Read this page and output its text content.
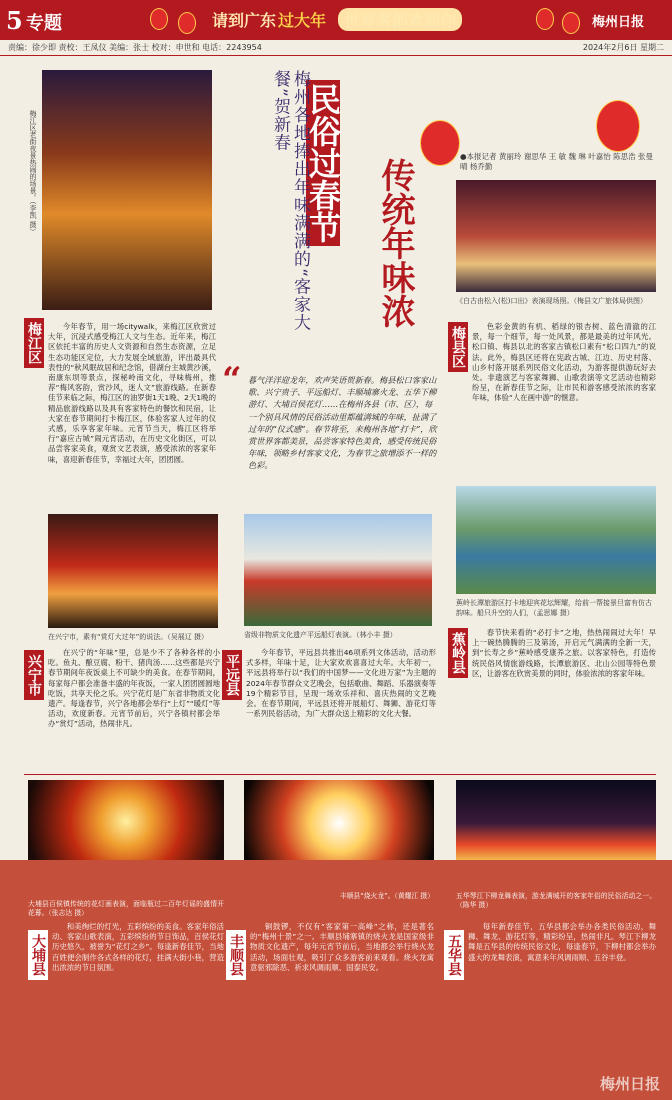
5 专题	请到广东 过大年 世界客都欢迎你	梅州日报
责编：徐少即 责校：王凤仪 美编：张士 校对：申世和 电话：2243954	2024年2月6日 星期二
梅江区老街夜景热闹的场景。（李凯 摄）	民俗过春节
梅州各地捧出年味满满的“客家大餐”贺新春
传统年味浓
●本报记者 黄丽玲 谢思华 王 敏 魏 琳 叶嘉怡 陈思浩 张曼晴 杨乔勤
《白古由松入(松)口出》表演现场照。（梅县文广旅体局供图）
梅江区	今年春节，用一场citywalk，来梅江区欣赏过大年，沉浸式感受梅江人文与生态。近年来，梅江区依托丰富的历史人文资源和自然生态资源，立足生态功能区定位，大力发展全域旅游，评出最具代表性的“秋风眠故居和纪念馆，借湖台主城黄沙溪，南康东坝等景点，探秘岭南文化，寻味梅州，推荐“梅风客韵，赏沙风，迷人文”旅游线路。在新春佳节来临之际，梅江区的油罗街1天1晚、2天1晚的精品旅游线路以及具有客家特色的餐饮和民宿，让大家在春节期间打卡梅江区，体验客家人过年的仪式感，乐享客家年味。元宵节当天，梅江区将举行“嘉应古城”闹元宵活动，在历史文化街区，可以品尝客家美食，观赏文艺表演，感受浓浓的客家年味，喜迎新春佳节，幸福过大年，团团圆。

“ 暮气洋洋迎龙年，欢声笑语贺新春。梅县松口客家山歌、兴宁贵子、平远船灯、丰顺埔寨火龙、五华下柳游灯、大埔百侯花灯……在梅州各县（市、区），每一个别具风情的民俗活动里都蕴满城的年味，扯满了过年的“仪式感”。春节将至，来梅州各地“打卡”，欣赏世界客都美景，品尝客家特色美食，感受传统民俗年味，领略乡村客家文化，为春节之旅增添不一样的色彩。
梅县区	色彩金黄的有机、稻绿的银杏树、蓝色清澈的江景，每一个细节，每一处风景，都是最美的过年风光。松口镇、梅县以北的客家古镇松口素有“松口四九”的说法。此外，梅县区还将在宪政古城、江边、历史村落、山乡村落开展系列民俗文化活动，为游客提供游玩好去处。非遗演艺与客家舞狮、山歌表演等文艺活动也精彩纷呈，在新春佳节之际，让市民和游客感受浓浓的客家年味，体验“人在画中游”的惬意。

在兴宁市，素有“赏灯大过年”的说法。（吴展辽 摄）	省级非物质文化遗产平远船灯表演。（林小丰 摄）
蕉岭长潭旅游区打卡地迎宾花坛辉耀，给前一帮接景旦富有仿古韵味。船只升空的人们，（孟思娜 摄）
兴宁市

在兴宁的“年味”里，总是少不了各种各样的小吃。鱼丸、酿豆腐、粉干、猪肉汤……这些都是兴宁春节期间年夜饭桌上不可缺少的美食。在春节期间，每家每户都会准备丰盛的年夜饭，一家人团团圆圆地吃饭，共享天伦之乐。兴宁花灯是广东省非物质文化遗产。每逢春节，兴宁各地都会举行“上灯”“暖灯”等活动，欢度新春。元宵节前后，兴宁各镇村都会举办“赏灯”活动，热闹非凡。

平远县

今年春节，平远县共推出46项系列文体活动，活动形式多样，年味十足，让大家欢欢喜喜过大年。大年初一，平远县将举行以“我们的中国梦——文化进万家”为主题的2024年春节群众文艺晚会，包括歌曲、舞蹈、乐器演奏等19个精彩节目，呈现一场欢乐祥和、喜庆热闹的文艺晚会。在春节期间，平远县还将开展船灯、舞狮、游花灯等一系列民俗活动，为广大群众送上精彩的文化大餐。

蕉岭县	春节快来看的“必打卡”之地，热热闹闹过大年！早上一碗热腾腾的三及第汤，开启元气满满的全新一天，到“长寿之乡”蕉岭感受康养之旅。以客家特色，打造传统民俗风情旅游线路，长潭旅游区、北山公园等特色景区，让游客在欣赏美景的同时，体验浓浓的客家年味。

大埔县百侯镇传统的花灯画表演，面临瓶过二百年灯谣的盛情开花幕。（张志达 摄）
丰顺县“烧火龙”。（黄耀江 摄）	五华琴江下柳龙舞表演，游龙满城开的客家年俗的民俗活动之一。（陈华 摄）
大埔县

和美绚烂的灯光，五彩缤纷的美食。客家年俗活动、客家山歌表演，五彩缤纷的节日饰品，百侯花灯历史悠久，被誉为“花灯之乡”。每逢新春佳节，当地百姓便会制作各式各样的花灯，挂满大街小巷，营造出浓浓的节日氛围。	丰顺县

铜鼓锣，不仅有“客家第一高峰”之称，还是著名的“梅州十景”之一。丰顺县埔寨镇的烧火龙是国家级非物质文化遗产，每年元宵节前后，当地都会举行烧火龙活动，场面壮观，吸引了众多游客前来观看。烧火龙寓意驱邪除恶、祈求风调雨顺、国泰民安。	五华县

每年新春佳节，五华县都会举办各类民俗活动，舞狮、舞龙、游花灯等，精彩纷呈，热闹非凡。琴江下柳龙舞是五华县的传统民俗文化，每逢春节，下柳村都会举办盛大的龙舞表演，寓意来年风调雨顺、五谷丰登。

梅州日报
